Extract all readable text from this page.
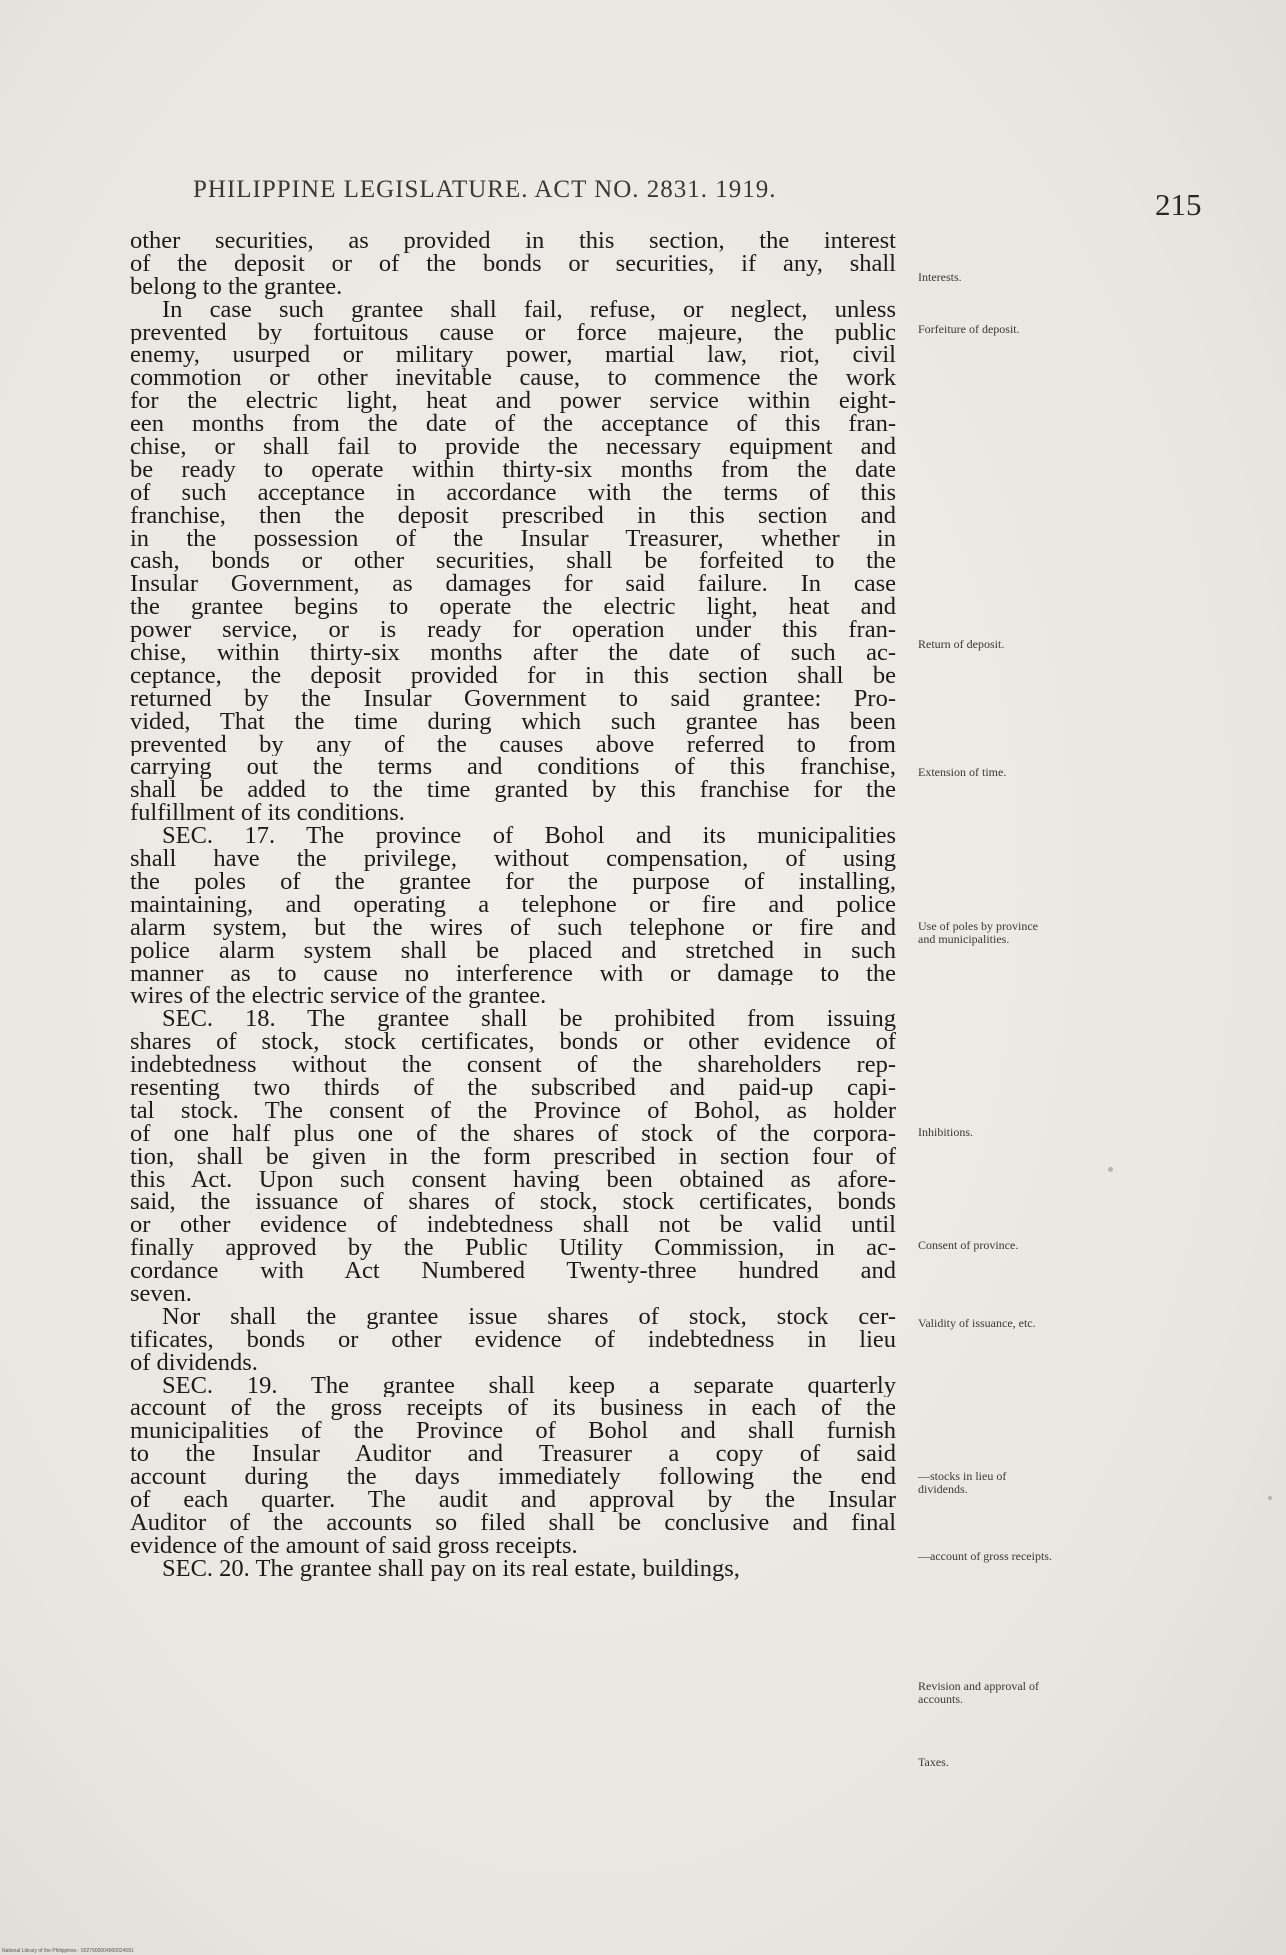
PHILIPPINE LEGISLATURE. ACT NO. 2831. 1919.	215
other securities, as provided in this section, the interest
of the deposit or of the bonds or securities, if any, shall
belong to the grantee.
In case such grantee shall fail, refuse, or neglect, unless
prevented by fortuitous cause or force majeure, the public
enemy, usurped or military power, martial law, riot, civil
commotion or other inevitable cause, to commence the work
for the electric light, heat and power service within eight-
een months from the date of the acceptance of this fran-
chise, or shall fail to provide the necessary equipment and
be ready to operate within thirty-six months from the date
of such acceptance in accordance with the terms of this
franchise, then the deposit prescribed in this section and
in the possession of the Insular Treasurer, whether in
cash, bonds or other securities, shall be forfeited to the
Insular Government, as damages for said failure. In case
the grantee begins to operate the electric light, heat and
power service, or is ready for operation under this fran-
chise, within thirty-six months after the date of such ac-
ceptance, the deposit provided for in this section shall be
returned by the Insular Government to said grantee: Pro-
vided, That the time during which such grantee has been
prevented by any of the causes above referred to from
carrying out the terms and conditions of this franchise,
shall be added to the time granted by this franchise for the
fulfillment of its conditions.
SEC. 17. The province of Bohol and its municipalities
shall have the privilege, without compensation, of using
the poles of the grantee for the purpose of installing,
maintaining, and operating a telephone or fire and police
alarm system, but the wires of such telephone or fire and
police alarm system shall be placed and stretched in such
manner as to cause no interference with or damage to the
wires of the electric service of the grantee.
SEC. 18. The grantee shall be prohibited from issuing
shares of stock, stock certificates, bonds or other evidence of
indebtedness without the consent of the shareholders rep-
resenting two thirds of the subscribed and paid-up capi-
tal stock. The consent of the Province of Bohol, as holder
of one half plus one of the shares of stock of the corpora-
tion, shall be given in the form prescribed in section four of
this Act. Upon such consent having been obtained as afore-
said, the issuance of shares of stock, stock certificates, bonds
or other evidence of indebtedness shall not be valid until
finally approved by the Public Utility Commission, in ac-
cordance with Act Numbered Twenty-three hundred and
seven.
Nor shall the grantee issue shares of stock, stock cer-
tificates, bonds or other evidence of indebtedness in lieu
of dividends.
SEC. 19. The grantee shall keep a separate quarterly
account of the gross receipts of its business in each of the
municipalities of the Province of Bohol and shall furnish
to the Insular Auditor and Treasurer a copy of said
account during the days immediately following the end
of each quarter. The audit and approval by the Insular
Auditor of the accounts so filed shall be conclusive and final
evidence of the amount of said gross receipts.
SEC. 20. The grantee shall pay on its real estate, buildings,
Interests.
Forfeiture of deposit.
Return of deposit.
Extension of time.
Use of poles by province and municipalities.
Inhibitions.
Consent of province.
Validity of issuance, etc.
—stocks in lieu of dividends.
—account of gross receipts.
Revision and approval of accounts.
Taxes.
National Library of the Philippines · 0027900004900024581
